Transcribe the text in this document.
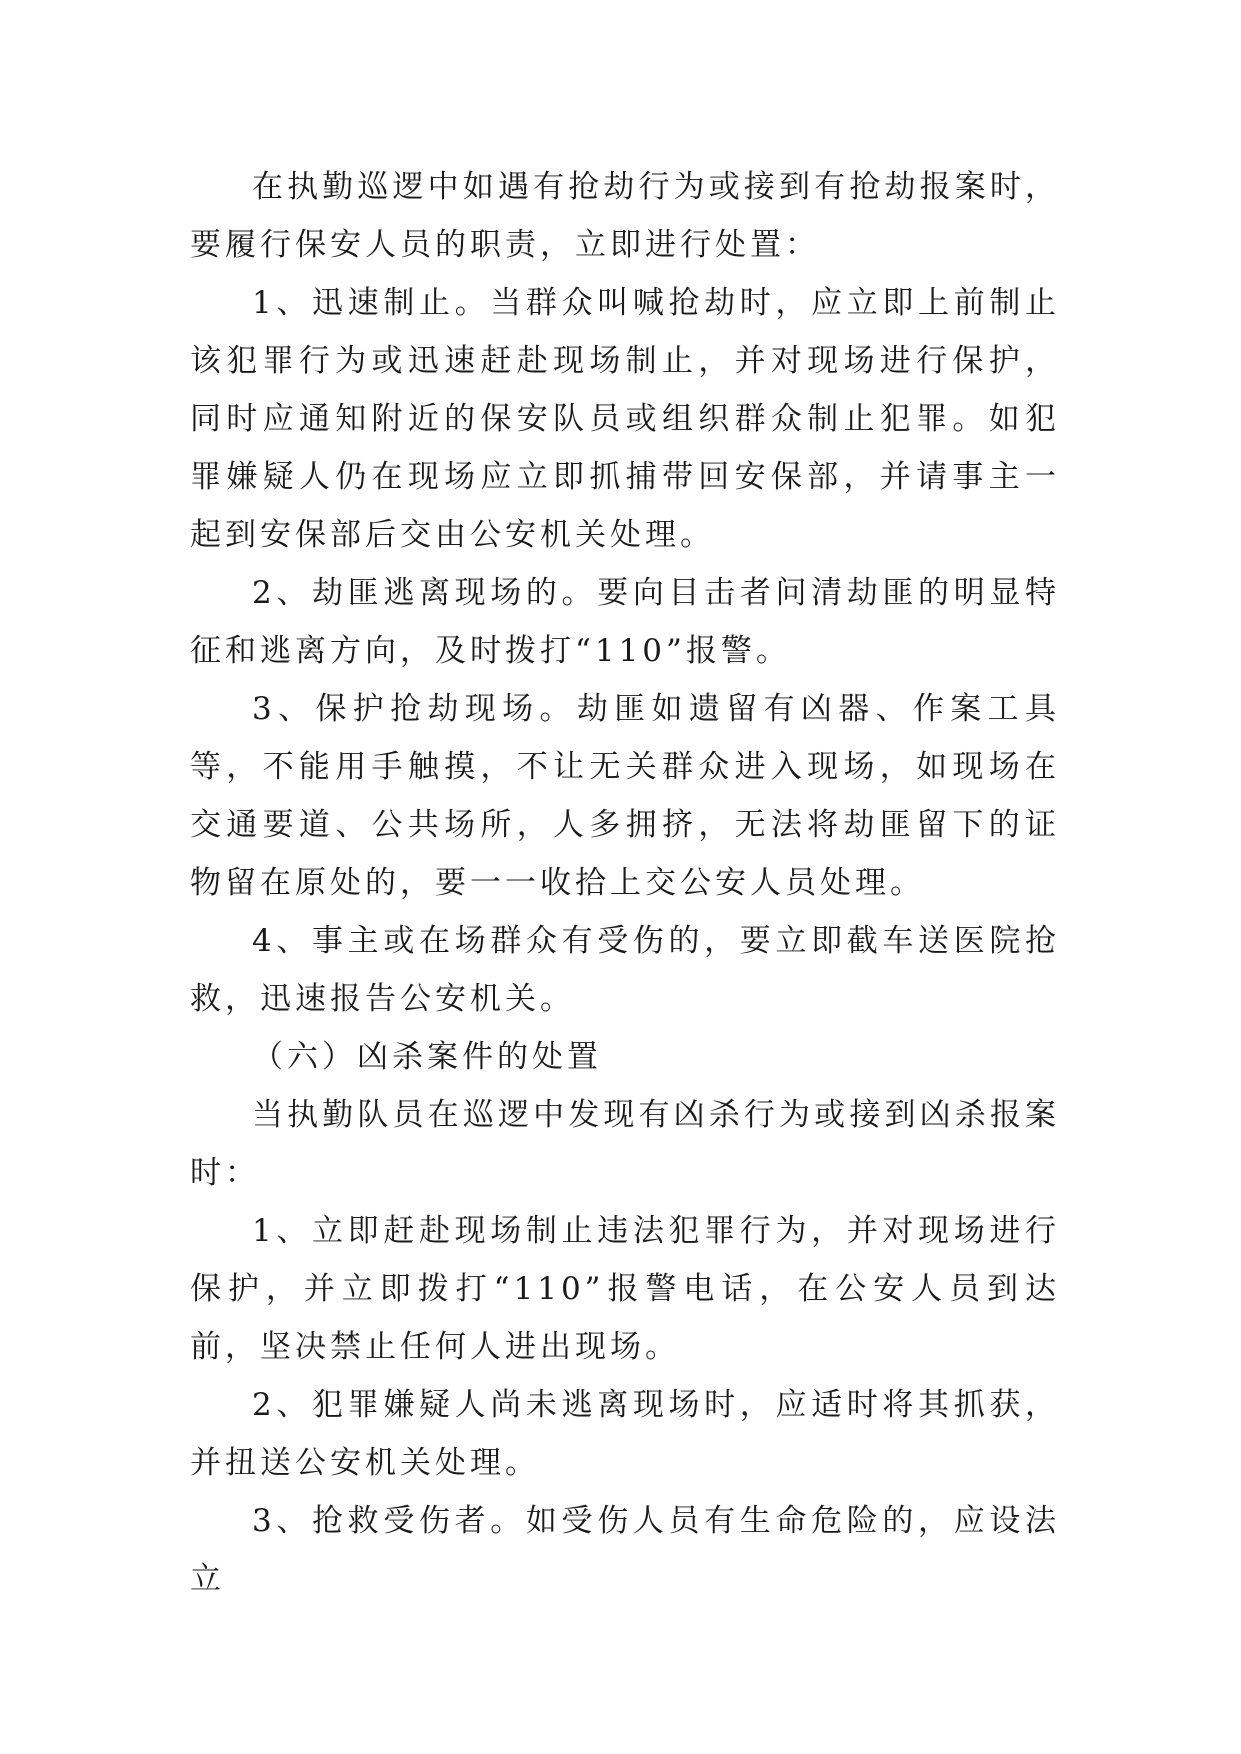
在执勤巡逻中如遇有抢劫行为或接到有抢劫报案时，要履行保安人员的职责，立即进行处置：

1、迅速制止。当群众叫喊抢劫时，应立即上前制止该犯罪行为或迅速赶赴现场制止，并对现场进行保护，同时应通知附近的保安队员或组织群众制止犯罪。如犯罪嫌疑人仍在现场应立即抓捕带回安保部，并请事主一起到安保部后交由公安机关处理。

2、劫匪逃离现场的。要向目击者问清劫匪的明显特征和逃离方向，及时拨打“110”报警。

3、保护抢劫现场。劫匪如遗留有凶器、作案工具等，不能用手触摸，不让无关群众进入现场，如现场在交通要道、公共场所，人多拥挤，无法将劫匪留下的证物留在原处的，要一一收拾上交公安人员处理。

4、事主或在场群众有受伤的，要立即截车送医院抢救，迅速报告公安机关。

（六）凶杀案件的处置

当执勤队员在巡逻中发现有凶杀行为或接到凶杀报案时：

1、立即赶赴现场制止违法犯罪行为，并对现场进行保护，并立即拨打“110”报警电话，在公安人员到达前，坚决禁止任何人进出现场。

2、犯罪嫌疑人尚未逃离现场时，应适时将其抓获，并扭送公安机关处理。

3、抢救受伤者。如受伤人员有生命危险的，应设法立
